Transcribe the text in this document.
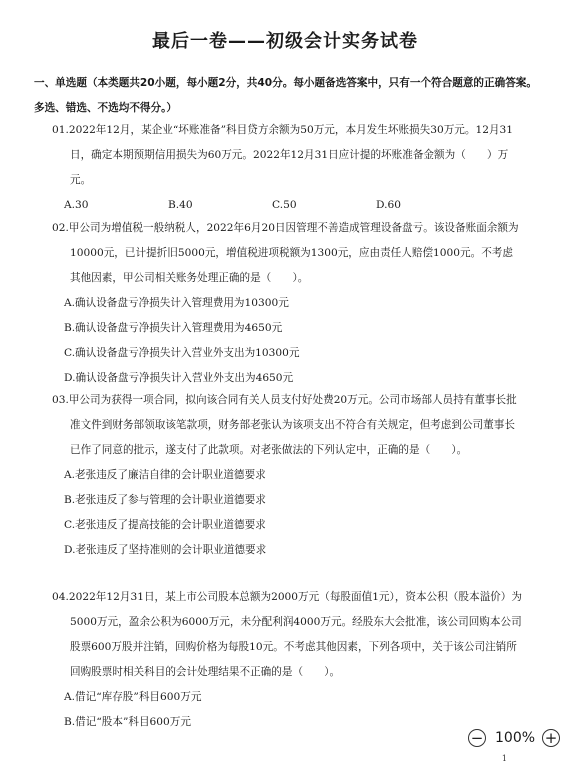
最后一卷——初级会计实务试卷
一、单选题（本类题共20小题，每小题2分，共40分。每小题备选答案中，只有一个符合题意的正确答案。多选、错选、不选均不得分。）

01.2022年12月，某企业“坏账准备”科目贷方余额为50万元，本月发生坏账损失30万元。12月31日，确定本期预期信用损失为60万元。2022年12月31日应计提的坏账准备金额为（　　）万元。

A.30	B.40	C.50	D.60

02.甲公司为增值税一般纳税人，2022年6月20日因管理不善造成管理设备盘亏。该设备账面余额为10000元，已计提折旧5000元，增值税进项税额为1300元，应由责任人赔偿1000元。不考虑其他因素，甲公司相关账务处理正确的是（　　）。

A.确认设备盘亏净损失计入管理费用为10300元
B.确认设备盘亏净损失计入管理费用为4650元
C.确认设备盘亏净损失计入营业外支出为10300元
D.确认设备盘亏净损失计入营业外支出为4650元

03.甲公司为获得一项合同，拟向该合同有关人员支付好处费20万元。公司市场部人员持有董事长批准文件到财务部领取该笔款项，财务部老张认为该项支出不符合有关规定，但考虑到公司董事长已作了同意的批示，遂支付了此款项。对老张做法的下列认定中，正确的是（　　）。

A.老张违反了廉洁自律的会计职业道德要求
B.老张违反了参与管理的会计职业道德要求
C.老张违反了提高技能的会计职业道德要求
D.老张违反了坚持准则的会计职业道德要求

04.2022年12月31日，某上市公司股本总额为2000万元（每股面值1元），资本公积（股本溢价）为5000万元，盈余公积为6000万元，未分配利润4000万元。经股东大会批准，该公司回购本公司股票600万股并注销，回购价格为每股10元。不考虑其他因素，下列各项中，关于该公司注销所回购股票时相关科目的会计处理结果不正确的是（　　）。

A.借记“库存股”科目600万元
B.借记“股本”科目600万元
− 100% +
1
